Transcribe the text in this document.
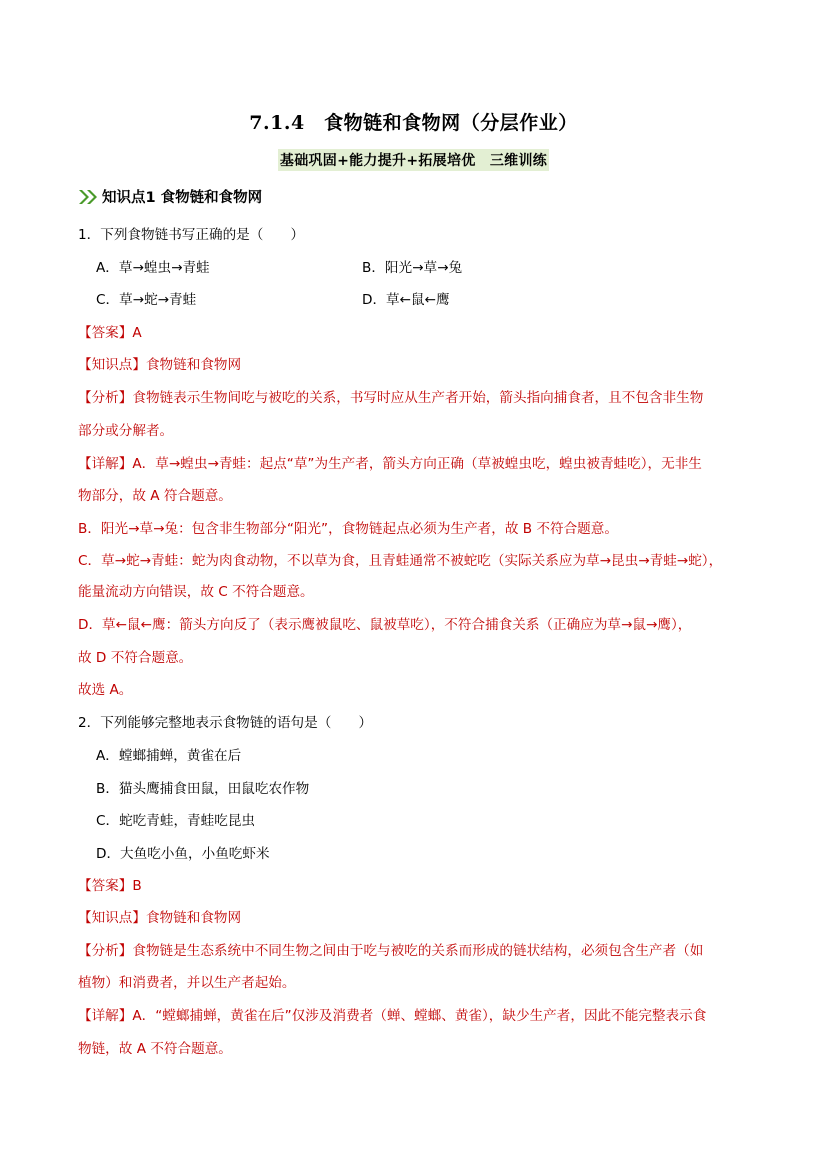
7.1.4　食物链和食物网（分层作业）
基础巩固+能力提升+拓展培优　三维训练
知识点1 食物链和食物网
1．下列食物链书写正确的是（　　）
A．草→蝗虫→青蛙	B．阳光→草→兔
C．草→蛇→青蛙	D．草←鼠←鹰
【答案】A
【知识点】食物链和食物网
【分析】食物链表示生物间吃与被吃的关系，书写时应从生产者开始，箭头指向捕食者，且不包含非生物
部分或分解者。
【详解】A．草→蝗虫→青蛙：起点“草”为生产者，箭头方向正确（草被蝗虫吃，蝗虫被青蛙吃），无非生
物部分，故 A 符合题意。
B．阳光→草→兔：包含非生物部分“阳光”，食物链起点必须为生产者，故 B 不符合题意。
C．草→蛇→青蛙：蛇为肉食动物，不以草为食，且青蛙通常不被蛇吃（实际关系应为草→昆虫→青蛙→蛇），
能量流动方向错误，故 C 不符合题意。
D．草←鼠←鹰：箭头方向反了（表示鹰被鼠吃、鼠被草吃），不符合捕食关系（正确应为草→鼠→鹰），
故 D 不符合题意。
故选 A。
2．下列能够完整地表示食物链的语句是（　　）
A．螳螂捕蝉，黄雀在后
B．猫头鹰捕食田鼠，田鼠吃农作物
C．蛇吃青蛙，青蛙吃昆虫
D．大鱼吃小鱼，小鱼吃虾米
【答案】B
【知识点】食物链和食物网
【分析】食物链是生态系统中不同生物之间由于吃与被吃的关系而形成的链状结构，必须包含生产者（如
植物）和消费者，并以生产者起始。
【详解】A．“螳螂捕蝉，黄雀在后”仅涉及消费者（蝉、螳螂、黄雀），缺少生产者，因此不能完整表示食
物链，故 A 不符合题意。
